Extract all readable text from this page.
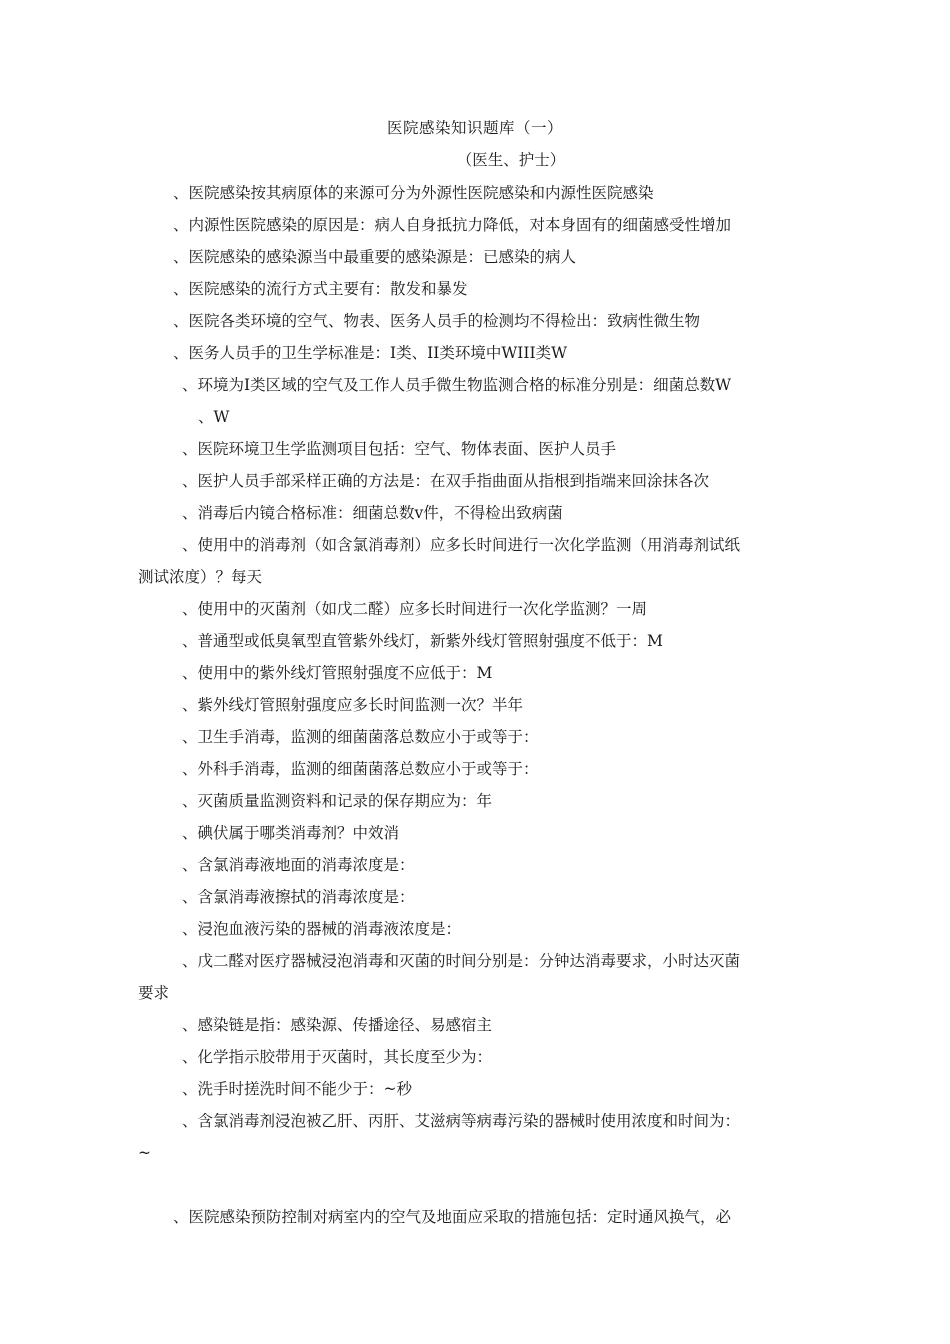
医院感染知识题库（一）
（医生、护士）
、医院感染按其病原体的来源可分为外源性医院感染和内源性医院感染
、内源性医院感染的原因是：病人自身抵抗力降低，对本身固有的细菌感受性增加
、医院感染的感染源当中最重要的感染源是：已感染的病人
、医院感染的流行方式主要有：散发和暴发
、医院各类环境的空气、物表、医务人员手的检测均不得检出：致病性微生物
、医务人员手的卫生学标准是：I类、II类环境中WIII类W
、环境为I类区域的空气及工作人员手微生物监测合格的标准分别是：细菌总数W
、W
、医院环境卫生学监测项目包括：空气、物体表面、医护人员手
、医护人员手部采样正确的方法是：在双手指曲面从指根到指端来回涂抹各次
、消毒后内镜合格标准：细菌总数v件，不得检出致病菌
、使用中的消毒剂（如含氯消毒剂）应多长时间进行一次化学监测（用消毒剂试纸
测试浓度）？每天
、使用中的灭菌剂（如戊二醛）应多长时间进行一次化学监测？一周
、普通型或低臭氧型直管紫外线灯，新紫外线灯管照射强度不低于：M
、使用中的紫外线灯管照射强度不应低于：M
、紫外线灯管照射强度应多长时间监测一次？半年
、卫生手消毒，监测的细菌菌落总数应小于或等于：
、外科手消毒，监测的细菌菌落总数应小于或等于：
、灭菌质量监测资料和记录的保存期应为：年
、碘伏属于哪类消毒剂？中效消
、含氯消毒液地面的消毒浓度是：
、含氯消毒液擦拭的消毒浓度是：
、浸泡血液污染的器械的消毒液浓度是：
、戊二醛对医疗器械浸泡消毒和灭菌的时间分别是：分钟达消毒要求，小时达灭菌
要求
、感染链是指：感染源、传播途径、易感宿主
、化学指示胶带用于灭菌时，其长度至少为：
、洗手时搓洗时间不能少于：~秒
、含氯消毒剂浸泡被乙肝、丙肝、艾滋病等病毒污染的器械时使用浓度和时间为：
~
、医院感染预防控制对病室内的空气及地面应采取的措施包括：定时通风换气，必
